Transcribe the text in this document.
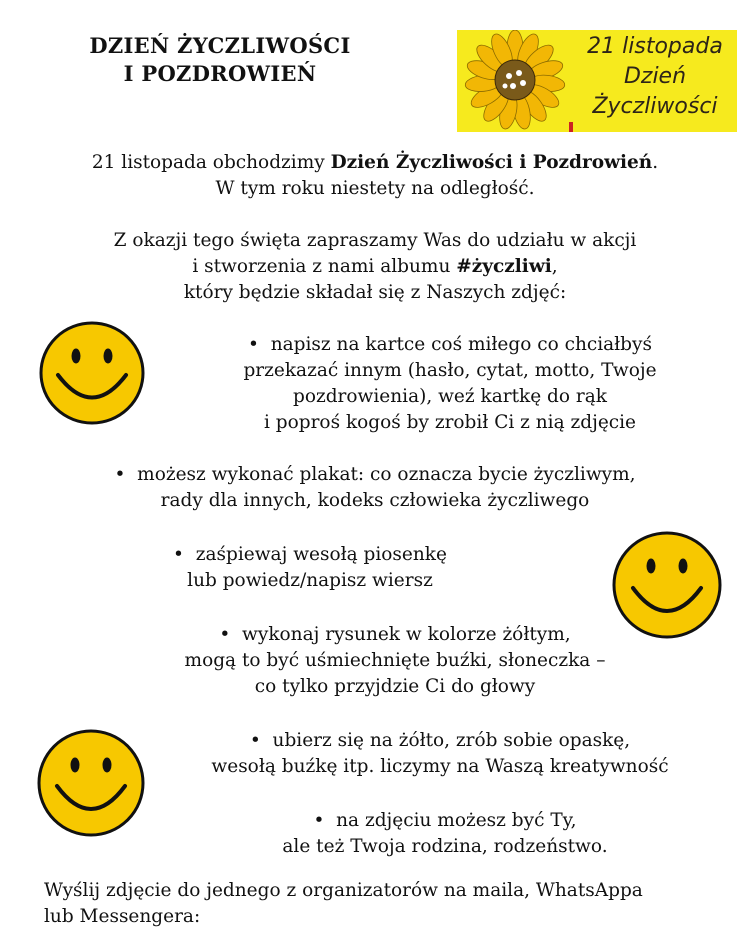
DZIEŃ ŻYCZLIWOŚCI
I POZDROWIEŃ
21 listopada
Dzień
Życzliwości
21 listopada obchodzimy Dzień Życzliwości i Pozdrowień.
W tym roku niestety na odległość.
Z okazji tego święta zapraszamy Was do udziału w akcji
i stworzenia z nami albumu #życzliwi,
który będzie składał się z Naszych zdjęć:
•  napisz na kartce coś miłego co chciałbyś
przekazać innym (hasło, cytat, motto, Twoje
pozdrowienia), weź kartkę do rąk
i poproś kogoś by zrobił Ci z nią zdjęcie
•  możesz wykonać plakat: co oznacza bycie życzliwym,
rady dla innych, kodeks człowieka życzliwego
•  zaśpiewaj wesołą piosenkę
lub powiedz/napisz wiersz
•  wykonaj rysunek w kolorze żółtym,
mogą to być uśmiechnięte buźki, słoneczka –
co tylko przyjdzie Ci do głowy
•  ubierz się na żółto, zrób sobie opaskę,
wesołą buźkę itp. liczymy na Waszą kreatywność
•  na zdjęciu możesz być Ty,
ale też Twoja rodzina, rodzeństwo.
Wyślij zdjęcie do jednego z organizatorów na maila, WhatsAppa
lub Messengera:
